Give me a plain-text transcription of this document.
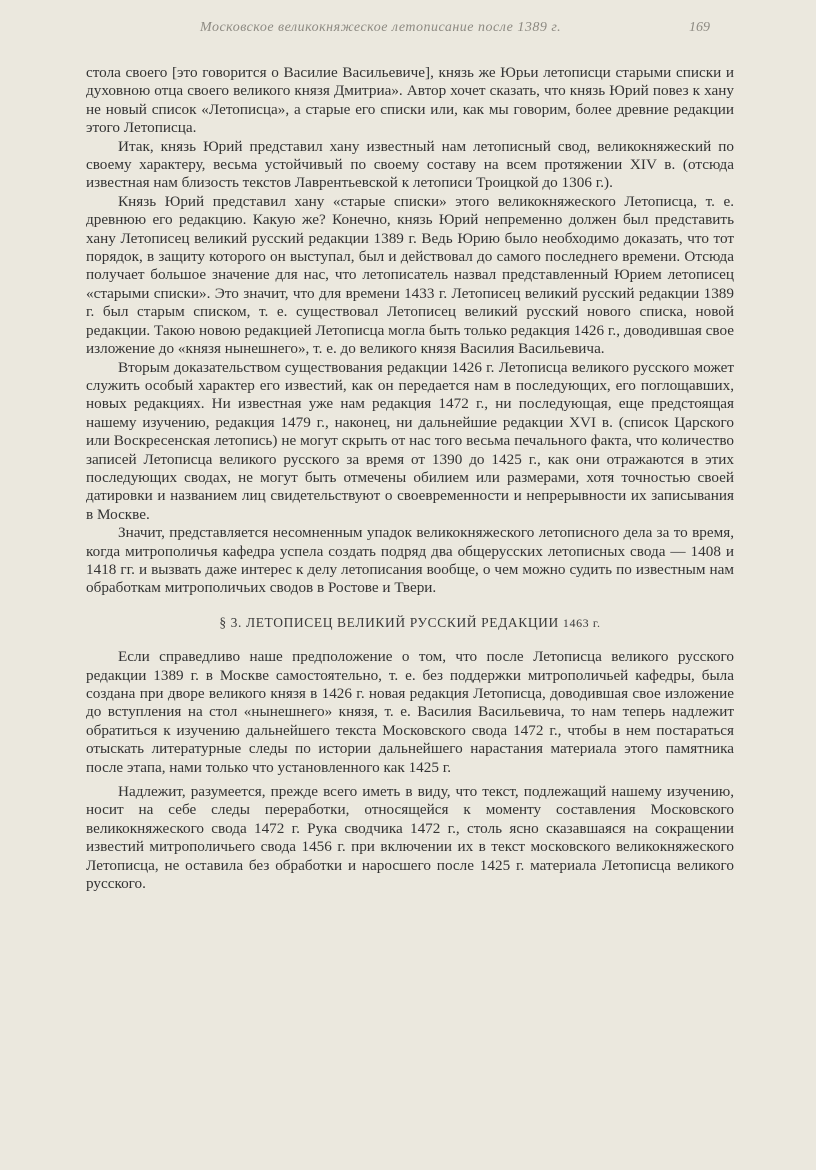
Московское великокняжеское летописание после 1389 г.	169

стола своего [это говорится о Василие Васильевиче], князь же Юрьи летописци старыми списки и духовною отца своего великого князя Дмитриа». Автор хочет сказать, что князь Юрий повез к хану не новый список «Летописца», а старые его списки или, как мы говорим, более древние редакции этого Летописца.

Итак, князь Юрий представил хану известный нам летописный свод, великокняжеский по своему характеру, весьма устойчивый по своему составу на всем протяжении XIV в. (отсюда известная нам близость текстов Лаврентьевской к летописи Троицкой до 1306 г.).

Князь Юрий представил хану «старые списки» этого великокняжеского Летописца, т. е. древнюю его редакцию. Какую же? Конечно, князь Юрий непременно должен был представить хану Летописец великий русский редакции 1389 г. Ведь Юрию было необходимо доказать, что тот порядок, в защиту которого он выступал, был и действовал до самого последнего времени. Отсюда получает большое значение для нас, что летописатель назвал представленный Юрием летописец «старыми списки». Это значит, что для времени 1433 г. Летописец великий русский редакции 1389 г. был старым списком, т. е. существовал Летописец великий русский нового списка, новой редакции. Такою новою редакцией Летописца могла быть только редакция 1426 г., доводившая свое изложение до «князя нынешнего», т. е. до великого князя Василия Васильевича.

Вторым доказательством существования редакции 1426 г. Летописца великого русского может служить особый характер его известий, как он передается нам в последующих, его поглощавших, новых редакциях. Ни известная уже нам редакция 1472 г., ни последующая, еще предстоящая нашему изучению, редакция 1479 г., наконец, ни дальнейшие редакции XVI в. (список Царского или Воскресенская летопись) не могут скрыть от нас того весьма печального факта, что количество записей Летописца великого русского за время от 1390 до 1425 г., как они отражаются в этих последующих сводах, не могут быть отмечены обилием или размерами, хотя точностью своей датировки и названием лиц свидетельствуют о своевременности и непрерывности их записывания в Москве.

Значит, представляется несомненным упадок великокняжеского летописного дела за то время, когда митрополичья кафедра успела создать подряд два общерусских летописных свода — 1408 и 1418 гг. и вызвать даже интерес к делу летописания вообще, о чем можно судить по известным нам обработкам митрополичьих сводов в Ростове и Твери.

§ 3. ЛЕТОПИСЕЦ ВЕЛИКИЙ РУССКИЙ РЕДАКЦИИ 1463 г.

Если справедливо наше предположение о том, что после Летописца великого русского редакции 1389 г. в Москве самостоятельно, т. е. без поддержки митрополичьей кафедры, была создана при дворе великого князя в 1426 г. новая редакция Летописца, доводившая свое изложение до вступления на стол «нынешнего» князя, т. е. Василия Васильевича, то нам теперь надлежит обратиться к изучению дальнейшего текста Московского свода 1472 г., чтобы в нем постараться отыскать литературные следы по истории дальнейшего нарастания материала этого памятника после этапа, нами только что установленного как 1425 г.

Надлежит, разумеется, прежде всего иметь в виду, что текст, подлежащий нашему изучению, носит на себе следы переработки, относящейся к моменту составления Московского великокняжеского свода 1472 г. Рука сводчика 1472 г., столь ясно сказавшаяся на сокращении известий митрополичьего свода 1456 г. при включении их в текст московского великокняжеского Летописца, не оставила без обработки и наросшего после 1425 г. материала Летописца великого русского.
